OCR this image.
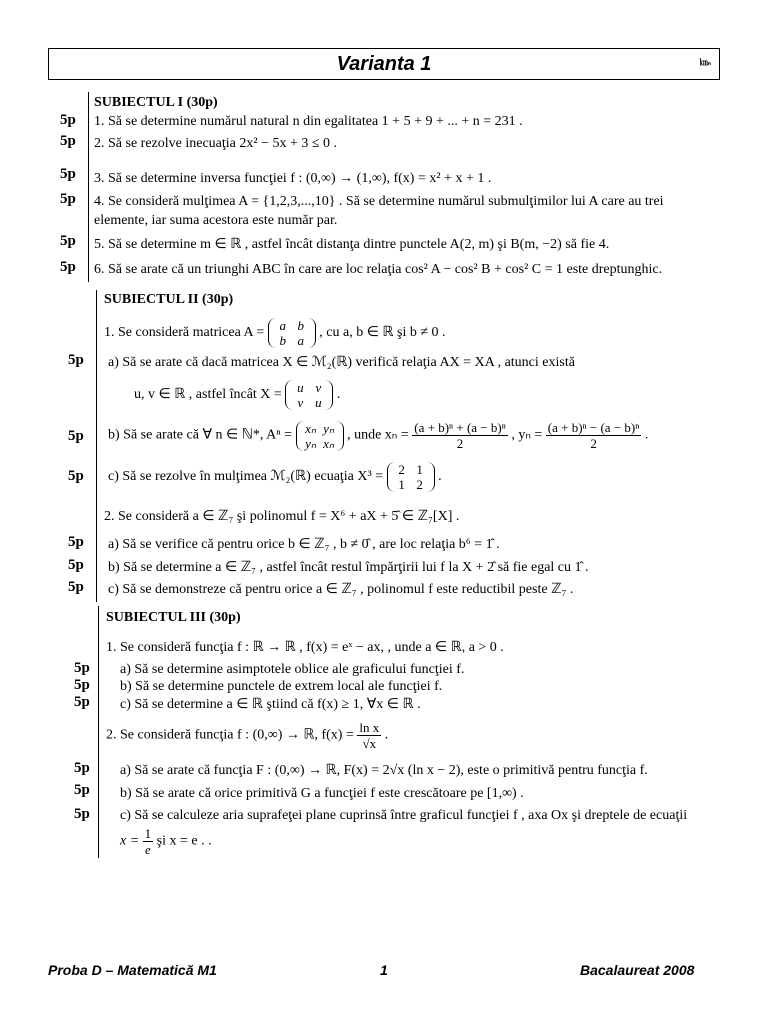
Varianta 1	㎞ₙ
SUBIECTUL I (30p)
5p 1. Să se determine numărul natural n din egalitatea 1 + 5 + 9 + ... + n = 231 .
5p 2. Să se rezolve inecuaţia 2x² − 5x + 3 ≤ 0 .
5p 3. Să se determine inversa funcţiei f : (0,∞) → (1,∞), f(x) = x² + x + 1 .
5p 4. Se consideră mulţimea A = {1,2,3,...,10} . Să se determine numărul submulţimilor lui A care au trei
elemente, iar suma acestora este număr par.
5p 5. Să se determine m ∈ ℝ , astfel încât distanţa dintre punctele A(2, m) şi B(m, −2) să fie 4.
5p 6. Să se arate că un triunghi ABC în care are loc relaţia cos² A − cos² B + cos² C = 1 este dreptunghic.
SUBIECTUL II (30p)
1. Se consideră matricea A = a b
b a , cu a, b ∈ ℝ şi b ≠ 0 .
5p a) Să se arate că dacă matricea X ∈ ℳ₂(ℝ) verifică relaţia AX = XA , atunci există
u, v ∈ ℝ , astfel încât X = u v
v u .
5p b) Să se arate că ∀ n ∈ ℕ*, Aⁿ = xₙ yₙ
yₙ xₙ , unde $x_n = \frac{\text{(a + b)ⁿ + (a − b)ⁿ}}{2}$ , $y_n = \frac{\text{(a + b)ⁿ − (a − b)ⁿ}}{2}$ .
5p c) Să se rezolve în mulţimea ℳ₂(ℝ) ecuaţia X³ = 2 1
1 2 .
2. Se consideră a ∈ ℤ₇ şi polinomul f = X⁶ + aX + 5̂ ∈ ℤ₇[X] .
5p a) Să se verifice că pentru orice b ∈ ℤ₇ , b ≠ 0̂ , are loc relaţia b⁶ = 1̂ .
5p b) Să se determine a ∈ ℤ₇ , astfel încât restul împărţirii lui f la X + 2̂ să fie egal cu 1̂ .
5p c) Să se demonstreze că pentru orice a ∈ ℤ₇ , polinomul f este reductibil peste ℤ₇ .
SUBIECTUL III (30p)
1. Se consideră funcţia f : ℝ → ℝ , f(x) = eˣ − ax, , unde a ∈ ℝ, a > 0 .
5p a) Să se determine asimptotele oblice ale graficului funcţiei f.
5p b) Să se determine punctele de extrem local ale funcţiei f.
5p c) Să se determine a ∈ ℝ ştiind că f(x) ≥ 1, ∀x ∈ ℝ .
2. Se consideră funcţia f : (0,∞) → ℝ, $f(x) = \frac{\text{ln x}}{√x}$ .
5p a) Să se arate că funcţia F : (0,∞) → ℝ, F(x) = 2√x (ln x − 2), este o primitivă pentru funcţia f.
5p b) Să se arate că orice primitivă G a funcţiei f este crescătoare pe [1,∞) .
5p c) Să se calculeze aria suprafeţei plane cuprinsă între graficul funcţiei f , axa Ox şi dreptele de ecuaţii
$x = \frac{1}{e}$ şi x = e . .
Proba D – Matematică M1	1	Bacalaureat 2008
